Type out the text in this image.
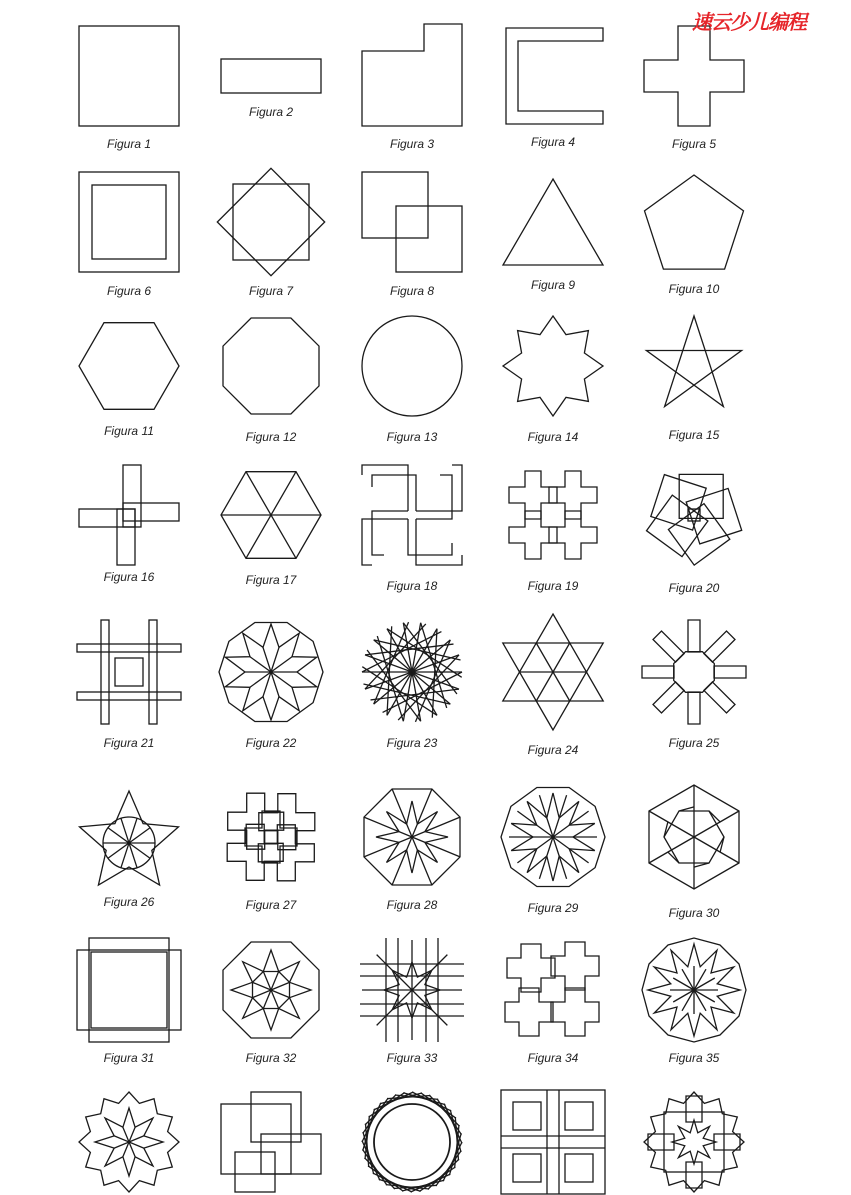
Figura 1
Figura 2
Figura 3	Figura 4	Figura 5
Figura 6	Figura 7	Figura 8	Figura 9	Figura 10
Figura 11	Figura 12	Figura 13	Figura 14	Figura 15
Figura 16	Figura 17	Figura 18	Figura 19	Figura 20
Figura 21	Figura 22	Figura 23	Figura 24	Figura 25
Figura 26	Figura 27	Figura 28	Figura 29	Figura 30
Figura 31	Figura 32	Figura 33	Figura 34	Figura 35
速云少儿编程
